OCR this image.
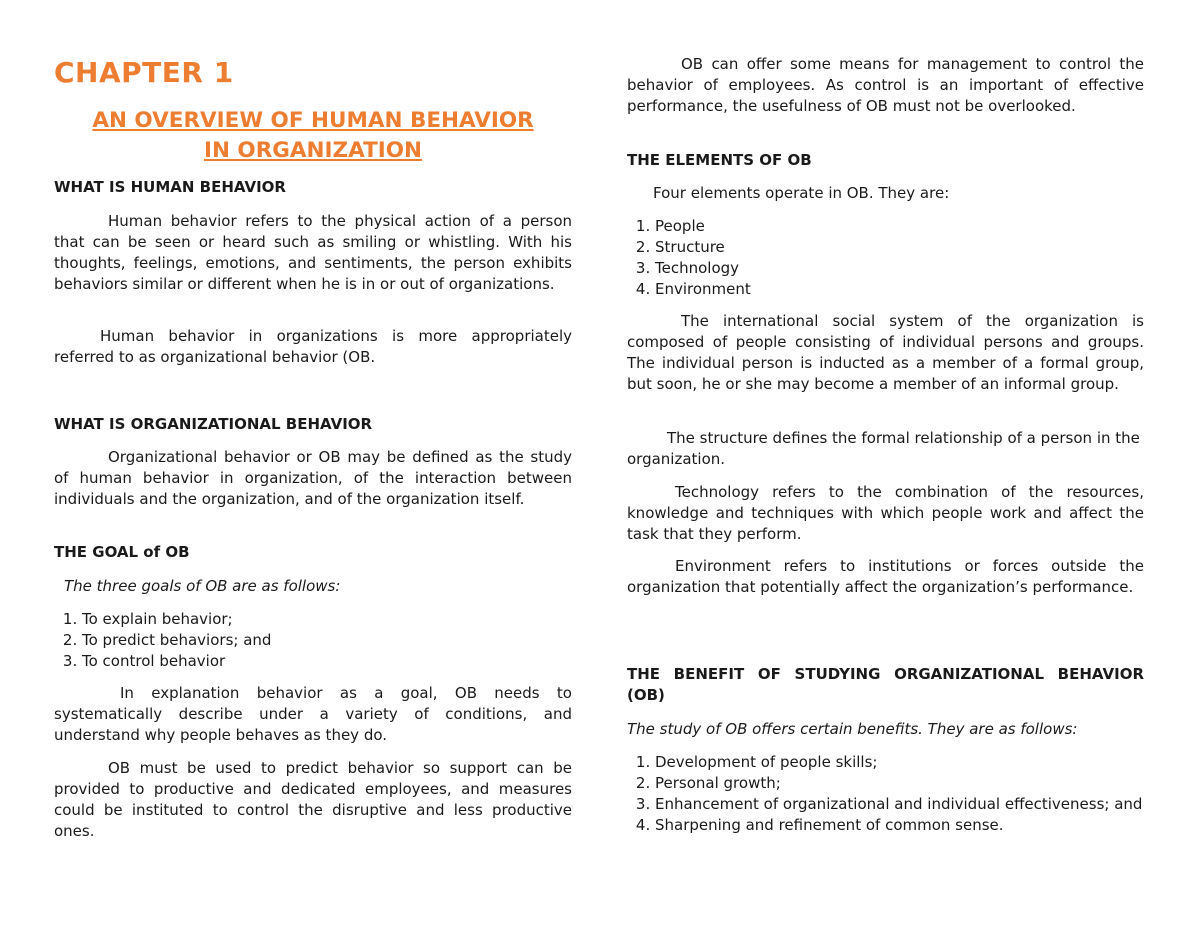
CHAPTER 1
AN OVERVIEW OF HUMAN BEHAVIOR
IN ORGANIZATION
WHAT IS HUMAN BEHAVIOR

Human behavior refers to the physical action of a person that can be seen or heard such as smiling or whistling. With his thoughts, feelings, emotions, and sentiments, the person exhibits behaviors similar or different when he is in or out of organizations.

Human behavior in organizations is more appropriately referred to as organizational behavior (OB.

WHAT IS ORGANIZATIONAL BEHAVIOR

Organizational behavior or OB may be defined as the study of human behavior in organization, of the interaction between individuals and the organization, and of the organization itself.

THE GOAL of OB

The three goals of OB are as follows:

1. To explain behavior;
2. To predict behaviors; and
3. To control behavior

In explanation behavior as a goal, OB needs to systematically describe under a variety of conditions, and understand why people behaves as they do.

OB must be used to predict behavior so support can be provided to productive and dedicated employees, and measures could be instituted to control the disruptive and less productive ones.

OB can offer some means for management to control the behavior of employees. As control is an important of effective performance, the usefulness of OB must not be overlooked.

THE ELEMENTS OF OB

Four elements operate in OB. They are:

1. People
2. Structure
3. Technology
4. Environment

The international social system of the organization is composed of people consisting of individual persons and groups. The individual person is inducted as a member of a formal group, but soon, he or she may become a member of an informal group.

The structure defines the formal relationship of a person in the organization.

Technology refers to the combination of the resources, knowledge and techniques with which people work and affect the task that they perform.

Environment refers to institutions or forces outside the organization that potentially affect the organization’s performance.

THE BENEFIT OF STUDYING ORGANIZATIONAL BEHAVIOR (OB)

The study of OB offers certain benefits. They are as follows:

1. Development of people skills;
2. Personal growth;
3. Enhancement of organizational and individual effectiveness; and
4. Sharpening and refinement of common sense.
